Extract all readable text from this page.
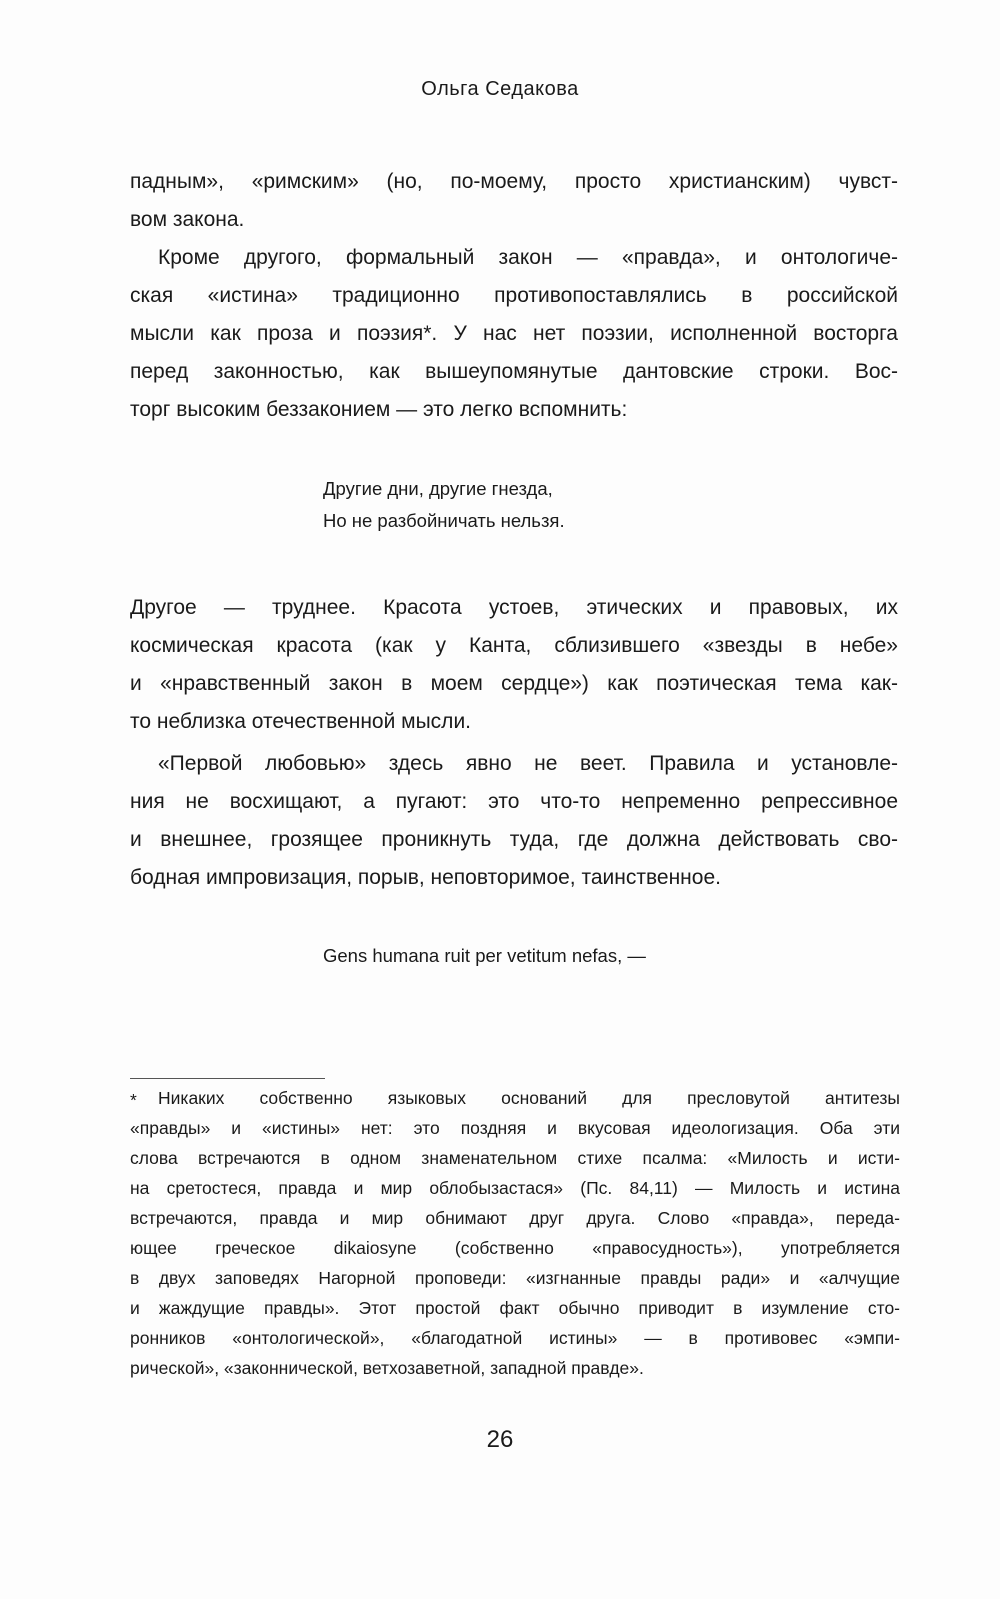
Ольга Седакова
падным», «римским» (но, по-моему, просто христианским) чувст-
вом закона.
Кроме другого, формальный закон — «правда», и онтологиче-
ская «истина» традиционно противопоставлялись в российской
мысли как проза и поэзия*. У нас нет поэзии, исполненной восторга
перед законностью, как вышеупомянутые дантовские строки. Вос-
торг высоким беззаконием — это легко вспомнить:
Другие дни, другие гнезда,
Но не разбойничать нельзя.
Другое — труднее. Красота устоев, этических и правовых, их
космическая красота (как у Канта, сблизившего «звезды в небе»
и «нравственный закон в моем сердце») как поэтическая тема как-
то неблизка отечественной мысли.
«Первой любовью» здесь явно не веет. Правила и установле-
ния не восхищают, а пугают: это что-то непременно репрессивное
и внешнее, грозящее проникнуть туда, где должна действовать сво-
бодная импровизация, порыв, неповторимое, таинственное.
Gens humana ruit per vetitum nefas, —
* Никаких собственно языковых оснований для пресловутой антитезы
«правды» и «истины» нет: это поздняя и вкусовая идеологизация. Оба эти
слова встречаются в одном знаменательном стихе псалма: «Милость и исти-
на сретостеся, правда и мир облобызастася» (Пс. 84,11) — Милость и истина
встречаются, правда и мир обнимают друг друга. Слово «правда», переда-
ющее греческое dikaiosyne (собственно «правосудность»), употребляется
в двух заповедях Нагорной проповеди: «изгнанные правды ради» и «алчущие
и жаждущие правды». Этот простой факт обычно приводит в изумление сто-
ронников «онтологической», «благодатной истины» — в противовес «эмпи-
рической», «законнической, ветхозаветной, западной правде».
26
